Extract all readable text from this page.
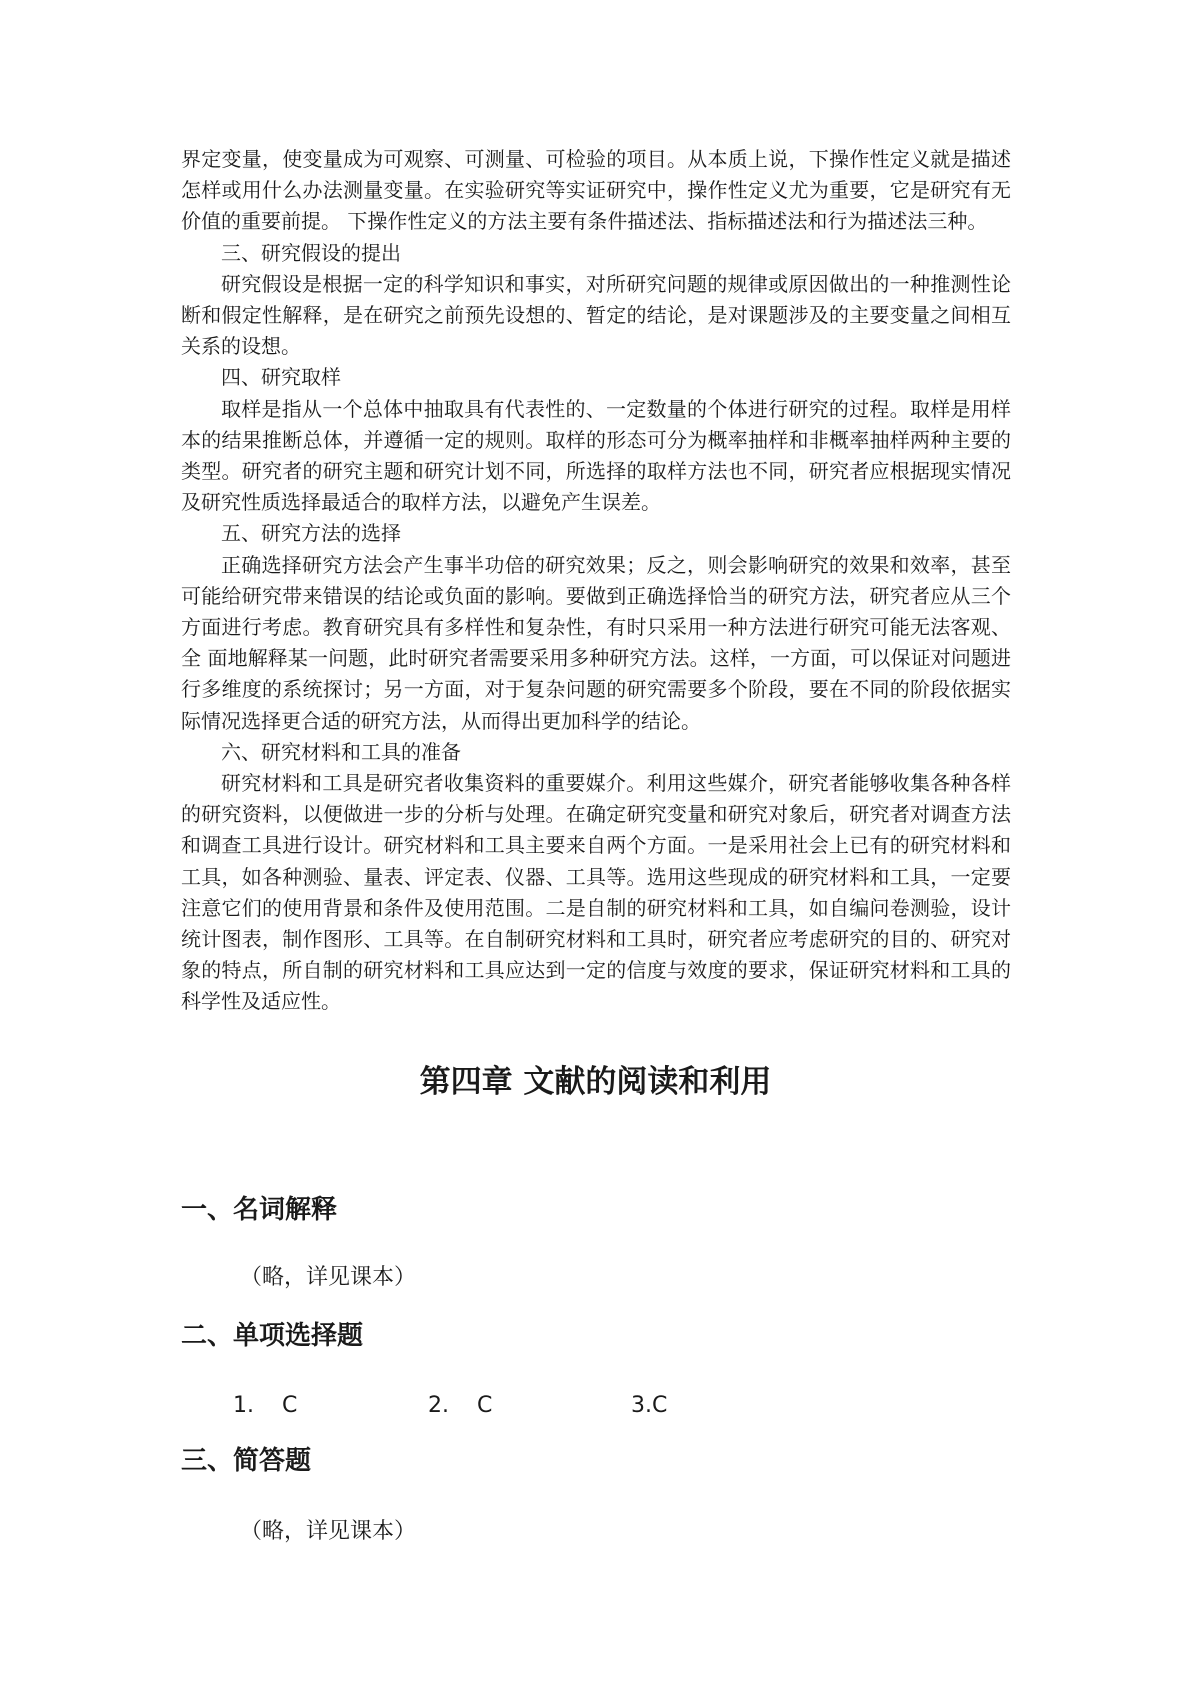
界定变量，使变量成为可观察、可测量、可检验的项目。从本质上说，下操作性定义就是描述怎样或用什么办法测量变量。在实验研究等实证研究中，操作性定义尤为重要，它是研究有无价值的重要前提。 下操作性定义的方法主要有条件描述法、指标描述法和行为描述法三种。

三、研究假设的提出

研究假设是根据一定的科学知识和事实，对所研究问题的规律或原因做出的一种推测性论断和假定性解释，是在研究之前预先设想的、暂定的结论，是对课题涉及的主要变量之间相互关系的设想。

四、研究取样

取样是指从一个总体中抽取具有代表性的、一定数量的个体进行研究的过程。取样是用样本的结果推断总体，并遵循一定的规则。取样的形态可分为概率抽样和非概率抽样两种主要的类型。研究者的研究主题和研究计划不同，所选择的取样方法也不同，研究者应根据现实情况及研究性质选择最适合的取样方法，以避免产生误差。

五、研究方法的选择

正确选择研究方法会产生事半功倍的研究效果；反之，则会影响研究的效果和效率，甚至可能给研究带来错误的结论或负面的影响。要做到正确选择恰当的研究方法，研究者应从三个方面进行考虑。教育研究具有多样性和复杂性，有时只采用一种方法进行研究可能无法客观、全 面地解释某一问题，此时研究者需要采用多种研究方法。这样，一方面，可以保证对问题进行多维度的系统探讨；另一方面，对于复杂问题的研究需要多个阶段，要在不同的阶段依据实际情况选择更合适的研究方法，从而得出更加科学的结论。

六、研究材料和工具的准备

研究材料和工具是研究者收集资料的重要媒介。利用这些媒介，研究者能够收集各种各样的研究资料，以便做进一步的分析与处理。在确定研究变量和研究对象后，研究者对调查方法和调查工具进行设计。研究材料和工具主要来自两个方面。一是采用社会上已有的研究材料和工具，如各种测验、量表、评定表、仪器、工具等。选用这些现成的研究材料和工具，一定要注意它们的使用背景和条件及使用范围。二是自制的研究材料和工具，如自编问卷测验，设计统计图表，制作图形、工具等。在自制研究材料和工具时，研究者应考虑研究的目的、研究对象的特点，所自制的研究材料和工具应达到一定的信度与效度的要求，保证研究材料和工具的科学性及适应性。

第四章 文献的阅读和利用
一、名词解释

（略，详见课本）

二、单项选择题
1.    C	2.    C	3.C
三、简答题

（略，详见课本）
